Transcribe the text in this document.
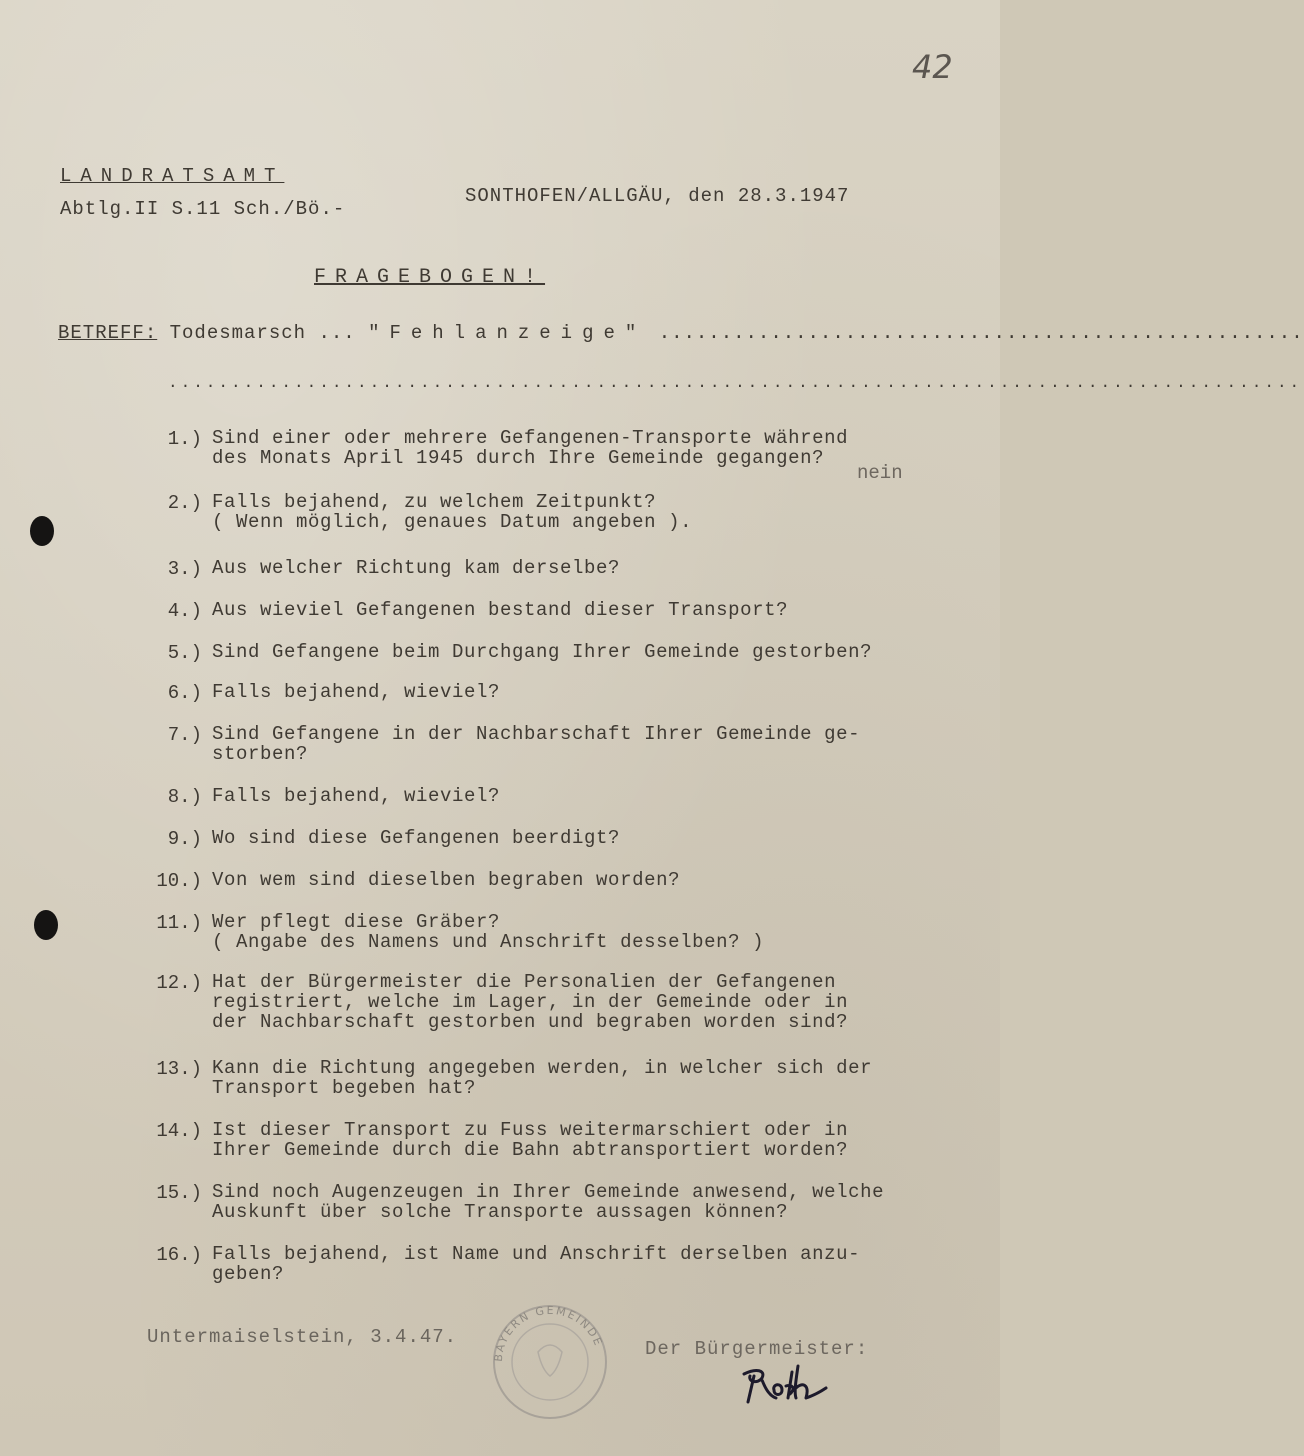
42
LANDRATSAMT
Abtlg.II S.11 Sch./Bö.-
SONTHOFEN/ALLGÄU, den 28.3.1947
FRAGEBOGEN!
BETREFF: Todesmarsch ... "Fehlanzeige" ....................................................
..........................................................................................
1.) Sind einer oder mehrere Gefangenen-Transporte während
des Monats April 1945 durch Ihre Gemeinde gegangen?
2.) Falls bejahend, zu welchem Zeitpunkt?
( Wenn möglich, genaues Datum angeben ).
3.) Aus welcher Richtung kam derselbe?
4.) Aus wieviel Gefangenen bestand dieser Transport?
5.) Sind Gefangene beim Durchgang Ihrer Gemeinde gestorben?
6.) Falls bejahend, wieviel?
7.) Sind Gefangene in der Nachbarschaft Ihrer Gemeinde ge-
storben?
8.) Falls bejahend, wieviel?
9.) Wo sind diese Gefangenen beerdigt?
10.) Von wem sind dieselben begraben worden?
11.) Wer pflegt diese Gräber?
( Angabe des Namens und Anschrift desselben? )
12.) Hat der Bürgermeister die Personalien der Gefangenen
registriert, welche im Lager, in der Gemeinde oder in
der Nachbarschaft gestorben und begraben worden sind?
13.) Kann die Richtung angegeben werden, in welcher sich der
Transport begeben hat?
14.) Ist dieser Transport zu Fuss weitermarschiert oder in
Ihrer Gemeinde durch die Bahn abtransportiert worden?
15.) Sind noch Augenzeugen in Ihrer Gemeinde anwesend, welche
Auskunft über solche Transporte aussagen können?
16.) Falls bejahend, ist Name und Anschrift derselben anzu-
geben?
nein
Untermaiselstein, 3.4.47.
BAYERN GEMEINDE Der Bürgermeister:
